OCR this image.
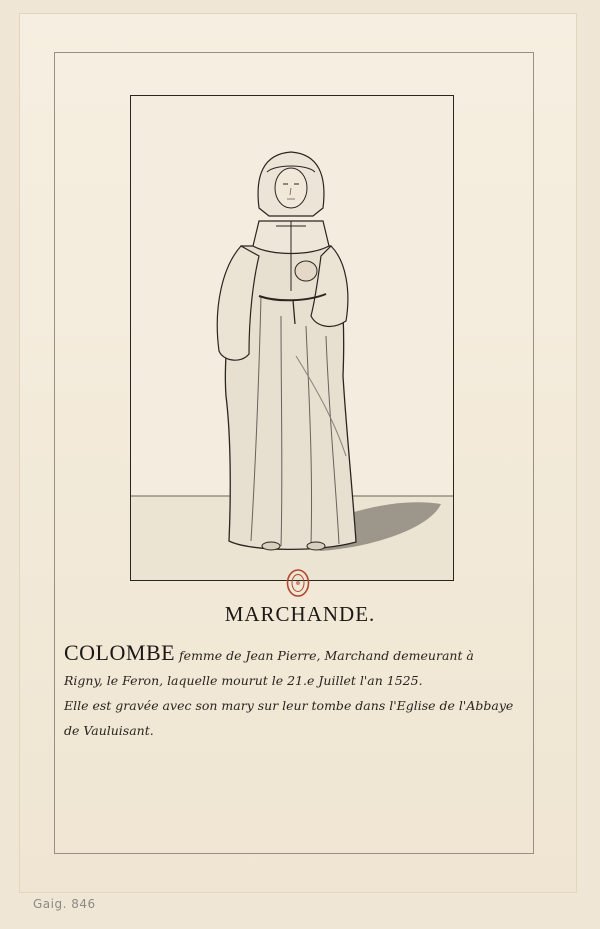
MARCHANDE.
COLOMBE femme de Jean Pierre, Marchand demeurant à
Rigny, le Feron, laquelle mourut le 21.e Juillet l'an 1525.
Elle est gravée avec son mary sur leur tombe dans l'Eglise de l'Abbaye
de Vauluisant.
Gaig. 846
